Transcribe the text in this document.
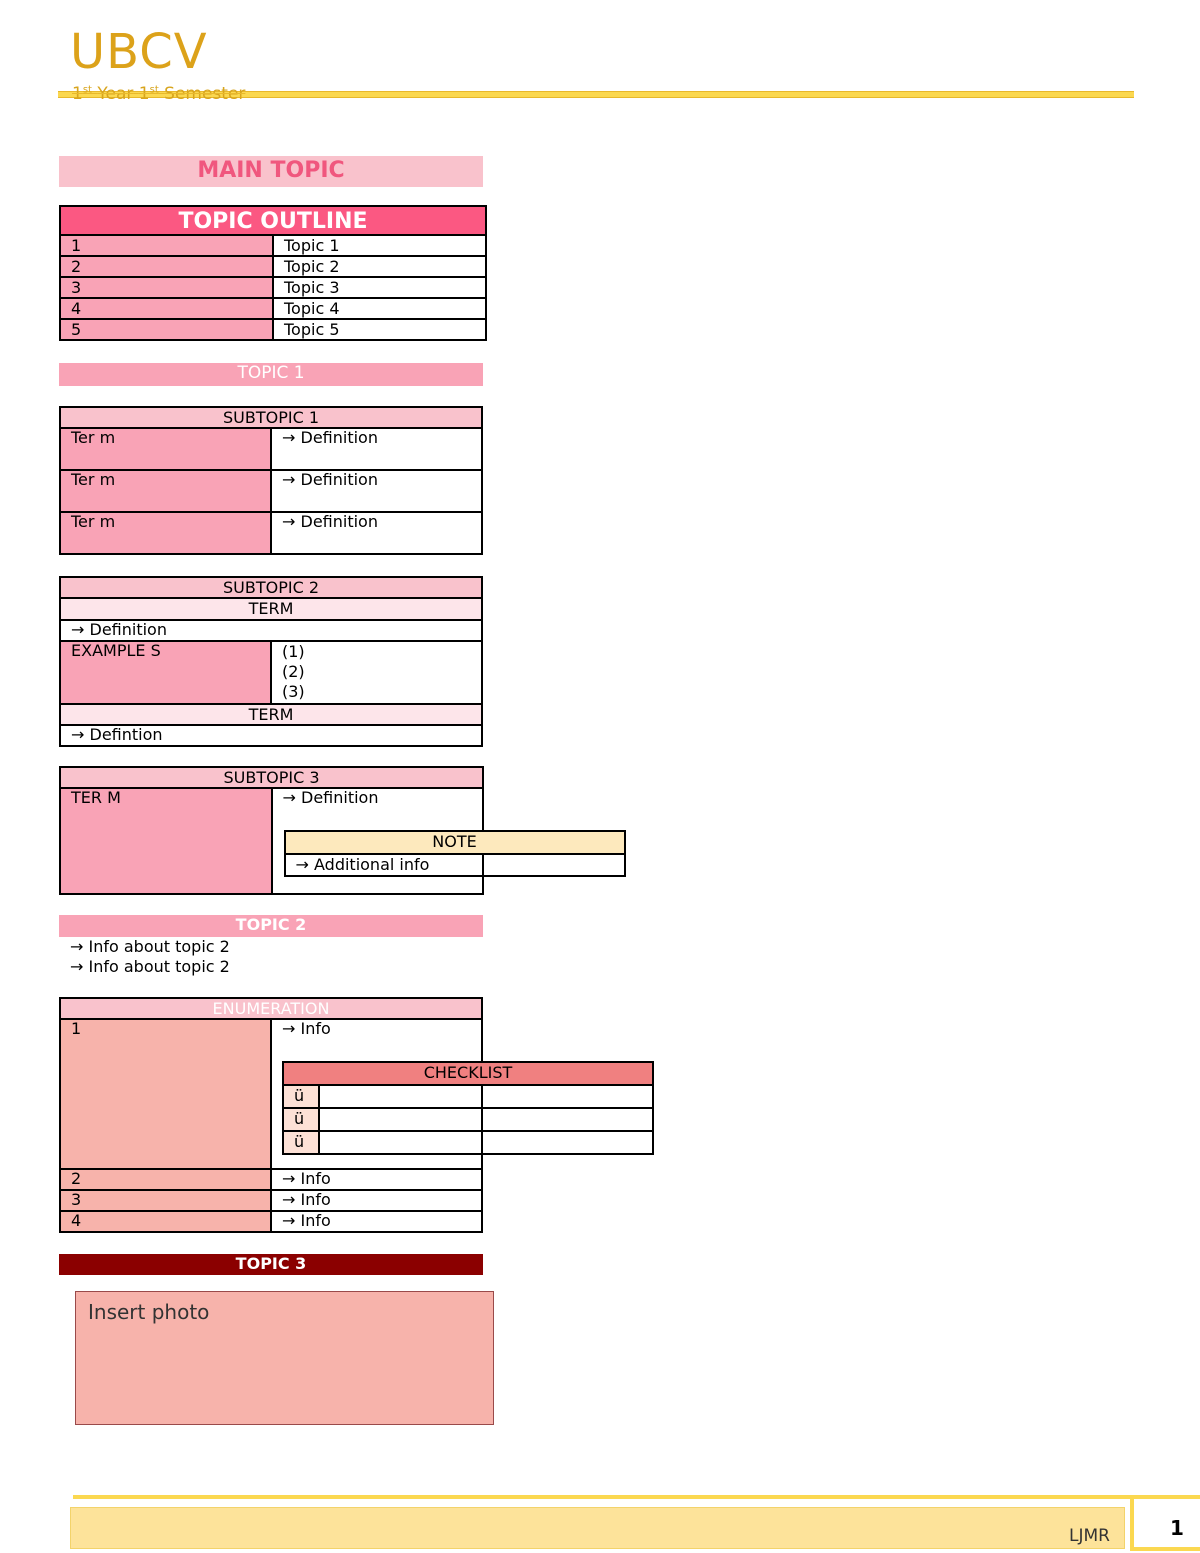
UBCV
1st Year 1st Semester
MAIN TOPIC
TOPIC OUTLINE	
1	Topic 1
2	Topic 2
3	Topic 3
4	Topic 4
5	Topic 5
TOPIC 1
SUBTOPIC 1	
Ter m	→ Definition
Ter m	→ Definition
Ter m	→ Definition
SUBTOPIC 2
TERM
→ Definition
EXAMPLE S	(1)
(2)
(3)

TERM
→ Defintion
SUBTOPIC 3
TER M	→ Definition
NOTE
→ Additional info
TOPIC 2
→ Info about topic 2
→ Info about topic 2
ENUMERATION	
1	→ Info
CHECKLIST
ü
ü
ü

2	→ Info
3	→ Info
4	→ Info
TOPIC 3
Insert photo
LJMR	1
